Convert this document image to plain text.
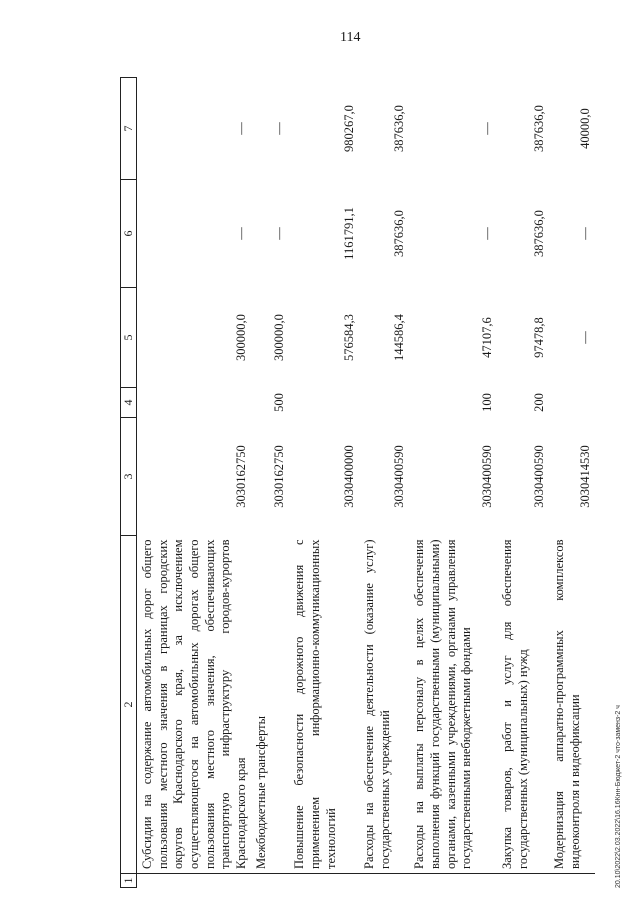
114
20.10\2022\2.03.2022\16.16Кнн-Бюджет-2 что-заменз-2 ч
1	2	3	4	5	6	7
	Субсидии на содержание автомобильных дорог общего пользования местного значения в границах городских округов Краснодарского края, за исключением осуществляющегося на автомобильных дорогах общего пользования местного значения, обеспечивающих транспортную инфраструктуру городов-курортов Краснодарского края	3030162750		300000,0	—	—
	Межбюджетные трансферты	3030162750	500	300000,0	—	—
	Повышение безопасности дорожного движения с применением информационно-коммуникационных технологий	3030400000		576584,3	1161791,1	980267,0
	Расходы на обеспечение деятельности (оказание услуг) государственных учреждений	3030400590		144586,4	387636,0	387636,0
	Расходы на выплаты персоналу в целях обеспечения выполнения функций государственными (муниципальными) органами, казенными учреждениями, органами управления государственными внебюджетными фондами	3030400590	100	47107,6	—	—
	Закупка товаров, работ и услуг для обеспечения государственных (муниципальных) нужд	3030400590	200	97478,8	387636,0	387636,0
	Модернизация аппаратно-программных комплексов видеоконтроля и видеофиксации	3030414530		—	—	40000,0
